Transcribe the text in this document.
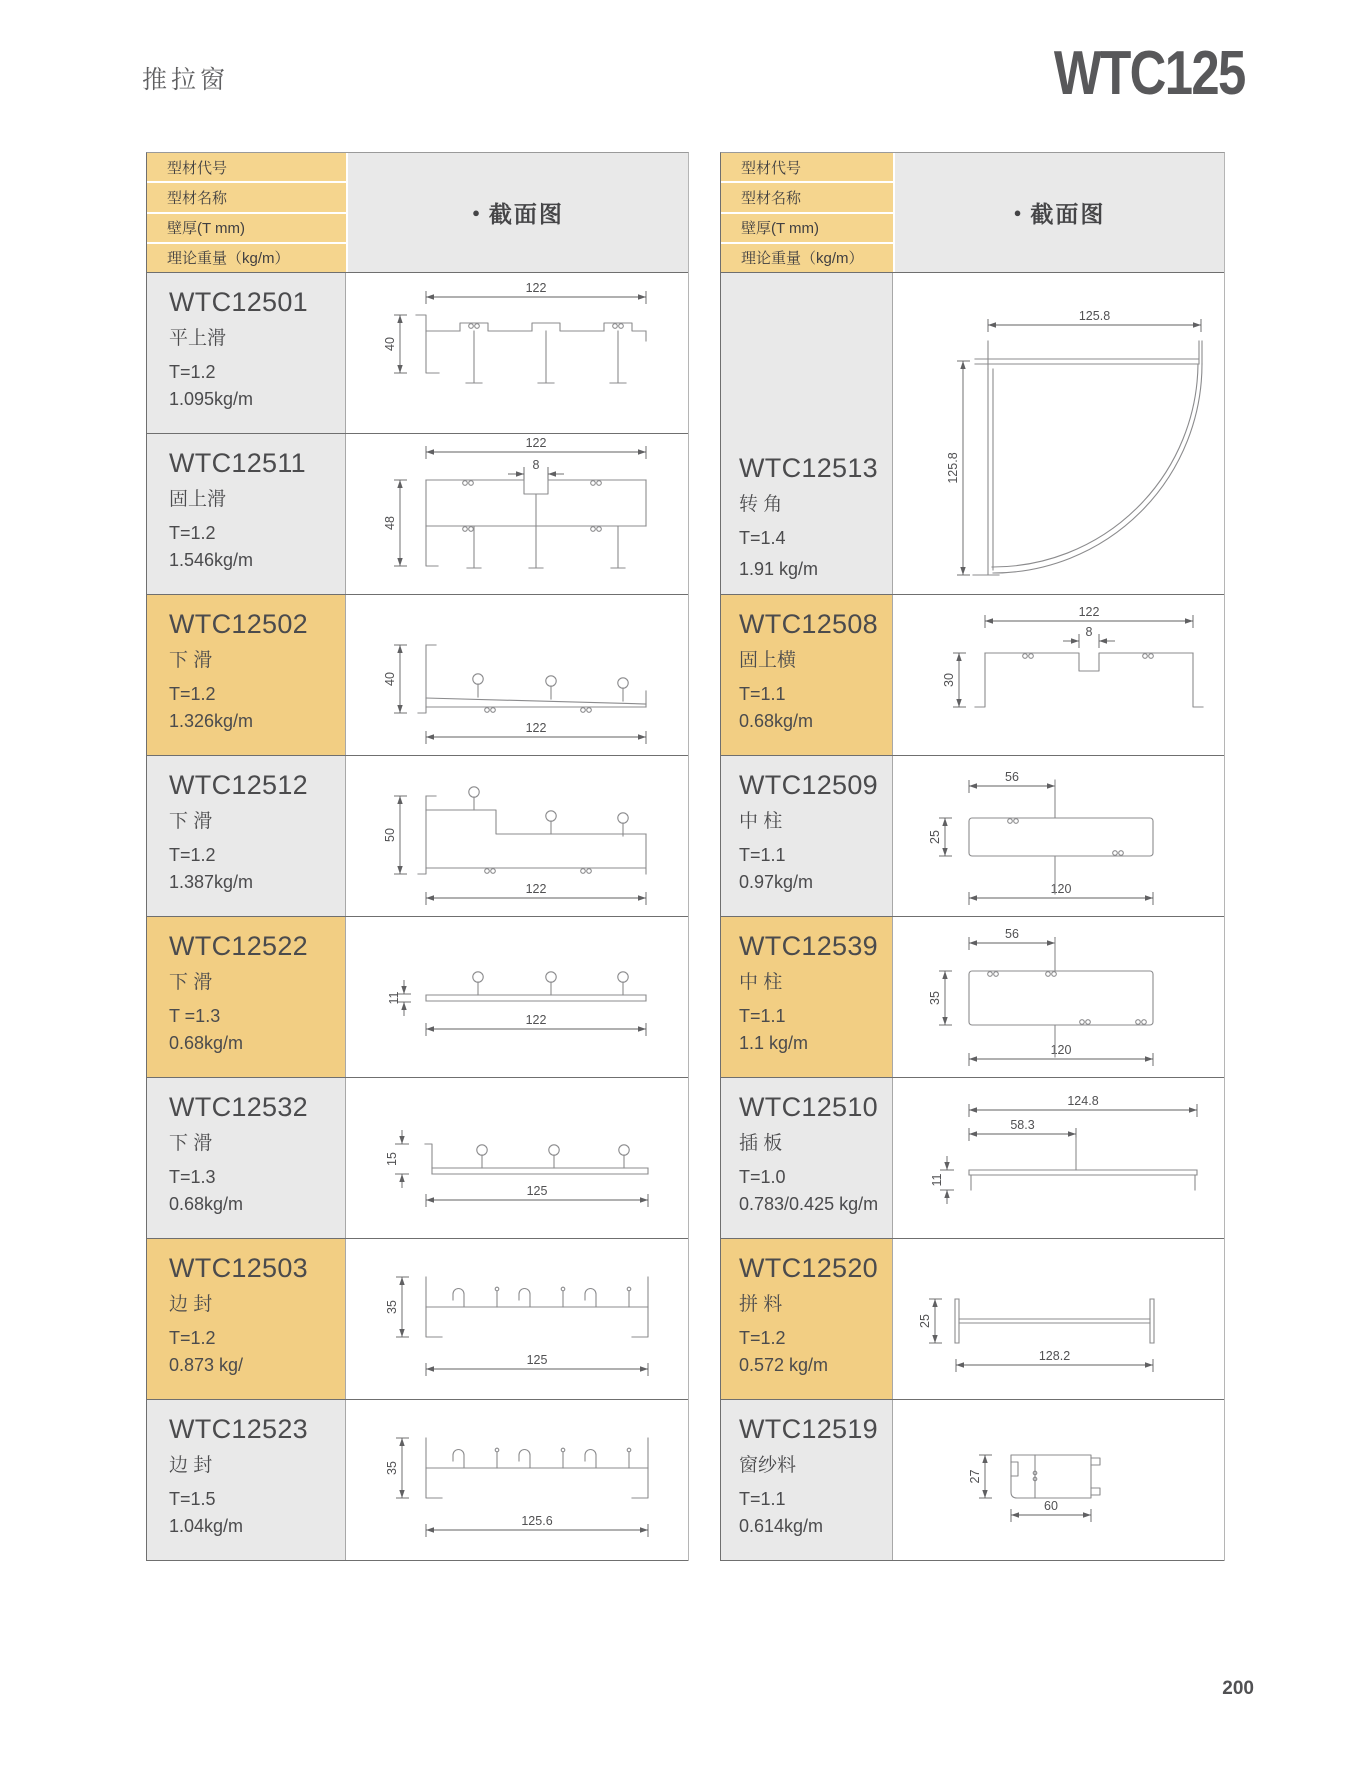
推拉窗	WTC125
型材代号
型材名称
壁厚(T mm)
理论重量（kg/m）
● 截面图
WTC12501
平上滑
T=1.2
1.095kg/m
122
40
WTC12511
固上滑
T=1.2
1.546kg/m
122
8
48
WTC12502
下 滑
T=1.2
1.326kg/m
40
122
WTC12512
下 滑
T=1.2
1.387kg/m
50
122
WTC12522
下 滑
T =1.3
0.68kg/m
11
122
WTC12532
下 滑
T=1.3
0.68kg/m
15
125
WTC12503
边 封
T=1.2
0.873 kg/
35
125
WTC12523
边 封
T=1.5
1.04kg/m
35
125.6
型材代号
型材名称
壁厚(T mm)
理论重量（kg/m）
● 截面图
WTC12513
转 角
T=1.4
1.91 kg/m
125.8
125.8
WTC12508
固上横
T=1.1
0.68kg/m
122
8
30
WTC12509
中 柱
T=1.1
0.97kg/m
56
25
120
WTC12539
中 柱
T=1.1
1.1 kg/m
56
35
120
WTC12510
插 板
T=1.0
0.783/0.425 kg/m
124.8
58.3
11
WTC12520
拼 料
T=1.2
0.572 kg/m
25
128.2
WTC12519
窗纱料
T=1.1
0.614kg/m
27
60
200
